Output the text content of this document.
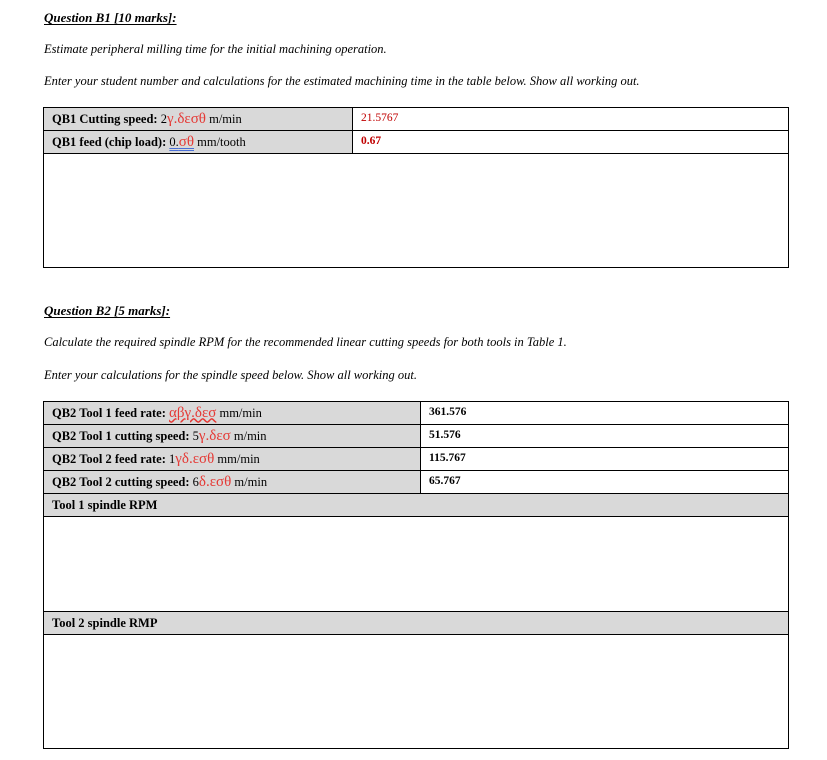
Question B1 [10 marks]:
Estimate peripheral milling time for the initial machining operation.
Enter your student number and calculations for the estimated machining time in the table below. Show all working out.
QB1 Cutting speed: 2γ.δεσθ m/min	21.5767
QB1 feed (chip load): 0.σθ mm/tooth	0.67

Question B2 [5 marks]:
Calculate the required spindle RPM for the recommended linear cutting speeds for both tools in Table 1.
Enter your calculations for the spindle speed below. Show all working out.
QB2 Tool 1 feed rate: αβγ.δεσ mm/min	361.576
QB2 Tool 1 cutting speed: 5γ.δεσ m/min	51.576
QB2 Tool 2 feed rate: 1γδ.εσθ mm/min	115.767
QB2 Tool 2 cutting speed: 6δ.εσθ m/min	65.767
Tool 1 spindle RPM	

Tool 2 spindle RMP	
